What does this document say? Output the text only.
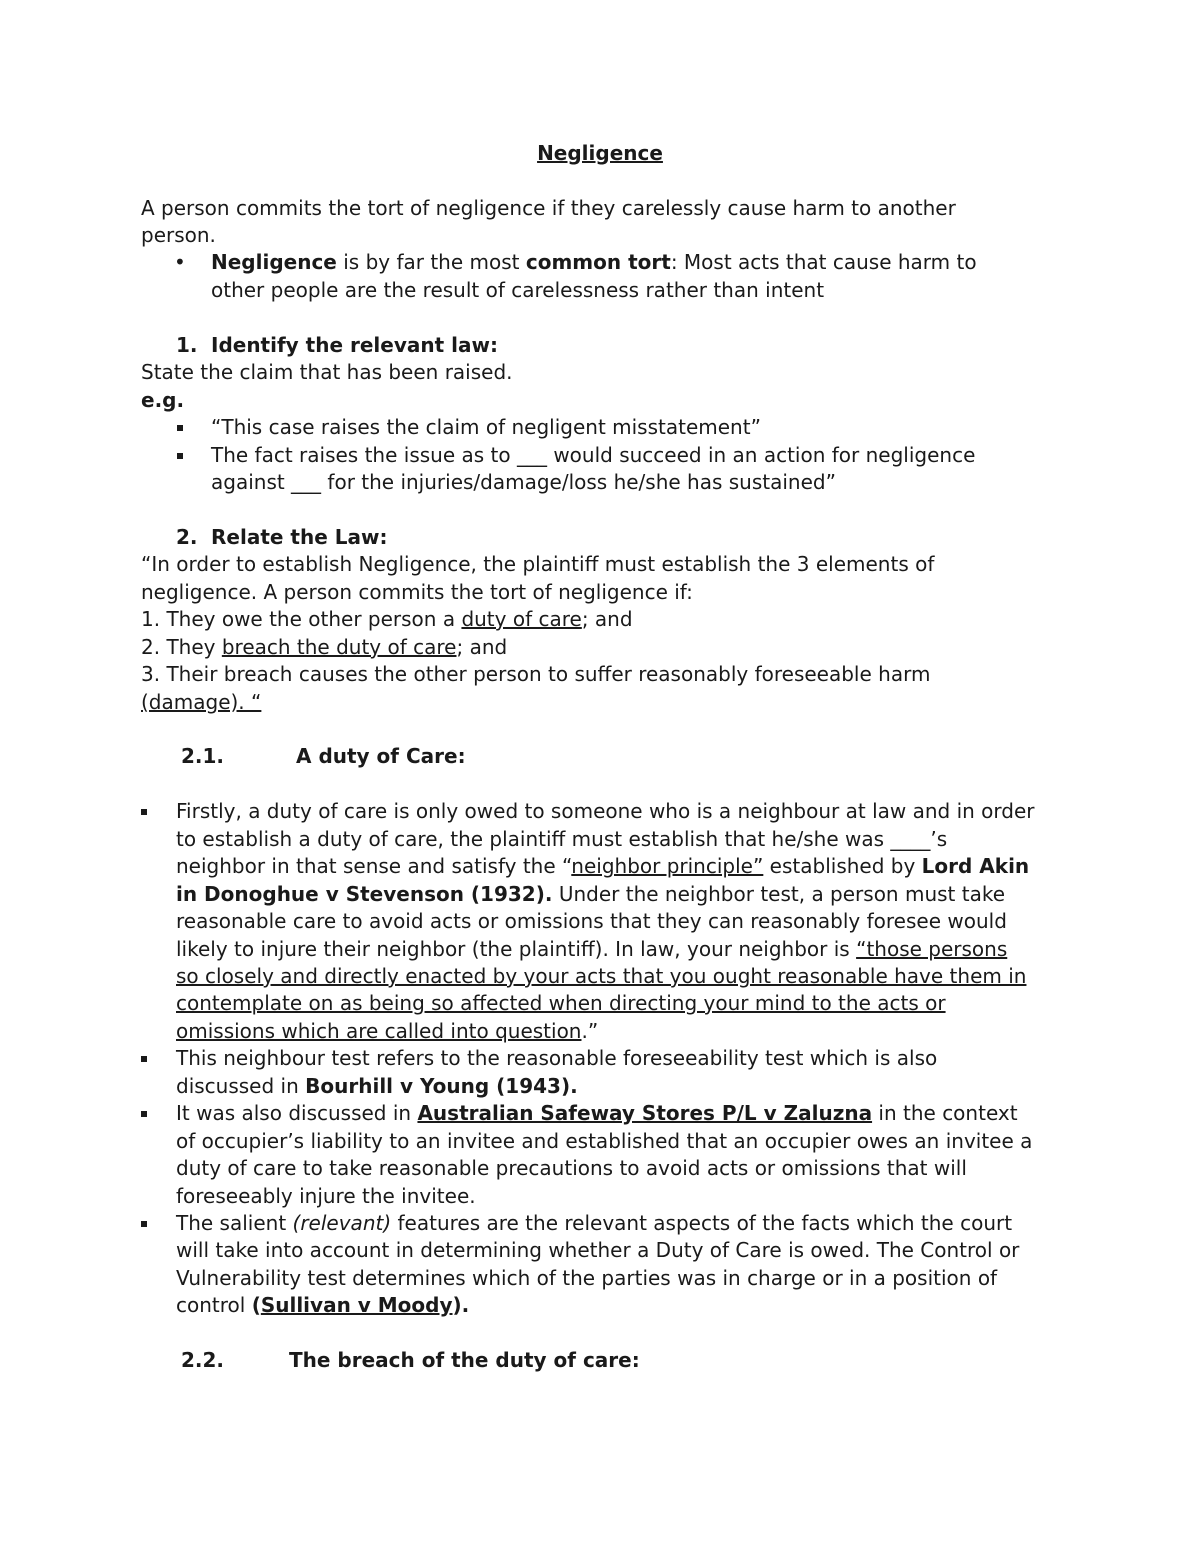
Negligence
A person commits the tort of negligence if they carelessly cause harm to another
person.
• Negligence is by far the most common tort: Most acts that cause harm to
other people are the result of carelessness rather than intent
1. Identify the relevant law:
State the claim that has been raised.
e.g.
“This case raises the claim of negligent misstatement”
The fact raises the issue as to ___ would succeed in an action for negligence
against ___ for the injuries/damage/loss he/she has sustained”
2. Relate the Law:
“In order to establish Negligence, the plaintiff must establish the 3 elements of
negligence. A person commits the tort of negligence if:
1. They owe the other person a duty of care; and
2. They breach the duty of care; and
3. Their breach causes the other person to suffer reasonably foreseeable harm
(damage). “
2.1.	A duty of Care:
Firstly, a duty of care is only owed to someone who is a neighbour at law and in order
to establish a duty of care, the plaintiff must establish that he/she was ____’s
neighbor in that sense and satisfy the “neighbor principle” established by Lord Akin
in Donoghue v Stevenson (1932). Under the neighbor test, a person must take
reasonable care to avoid acts or omissions that they can reasonably foresee would
likely to injure their neighbor (the plaintiff). In law, your neighbor is “those persons
so closely and directly enacted by your acts that you ought reasonable have them in
contemplate on as being so affected when directing your mind to the acts or
omissions which are called into question.”
This neighbour test refers to the reasonable foreseeability test which is also
discussed in Bourhill v Young (1943).
It was also discussed in Australian Safeway Stores P/L v Zaluzna in the context
of occupier’s liability to an invitee and established that an occupier owes an invitee a
duty of care to take reasonable precautions to avoid acts or omissions that will
foreseeably injure the invitee.
The salient (relevant) features are the relevant aspects of the facts which the court
will take into account in determining whether a Duty of Care is owed. The Control or
Vulnerability test determines which of the parties was in charge or in a position of
control (Sullivan v Moody).
2.2.	The breach of the duty of care:
